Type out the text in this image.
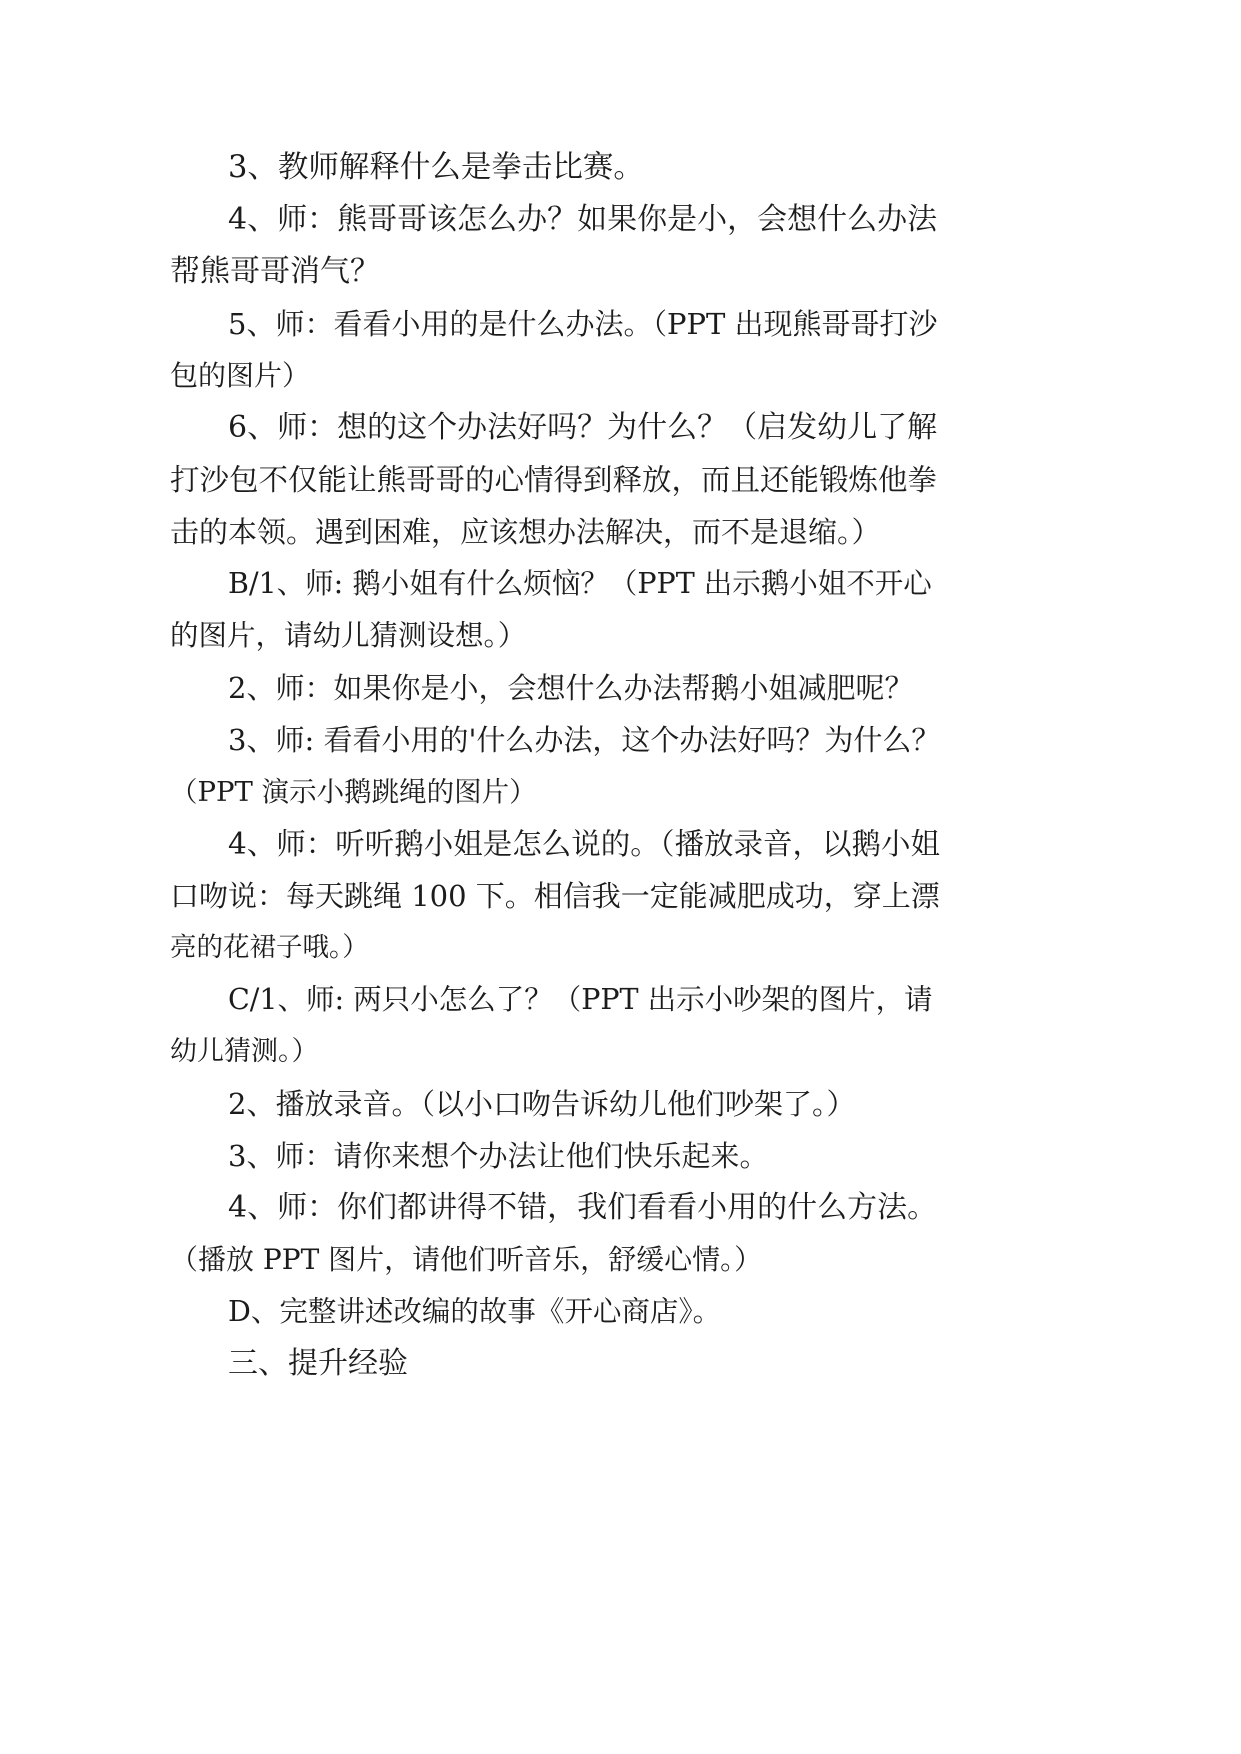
3、教师解释什么是拳击比赛。
4、师：熊哥哥该怎么办？如果你是小，会想什么办法
帮熊哥哥消气？
5、师：看看小用的是什么办法。（PPT 出现熊哥哥打沙
包的图片）
6、师：想的这个办法好吗？为什么？（启发幼儿了解
打沙包不仅能让熊哥哥的心情得到释放，而且还能锻炼他拳
击的本领。遇到困难，应该想办法解决，而不是退缩。）
B/1、师: 鹅小姐有什么烦恼？（PPT 出示鹅小姐不开心
的图片，请幼儿猜测设想。）
2、师：如果你是小，会想什么办法帮鹅小姐减肥呢？
3、师: 看看小用的'什么办法，这个办法好吗？为什么？
（PPT 演示小鹅跳绳的图片）
4、师：听听鹅小姐是怎么说的。（播放录音，以鹅小姐
口吻说：每天跳绳 100 下。相信我一定能减肥成功，穿上漂
亮的花裙子哦。）
C/1、师: 两只小怎么了？（PPT 出示小吵架的图片，请
幼儿猜测。）
2、播放录音。（以小口吻告诉幼儿他们吵架了。）
3、师：请你来想个办法让他们快乐起来。
4、师：你们都讲得不错，我们看看小用的什么方法。
（播放 PPT 图片，请他们听音乐，舒缓心情。）
D、完整讲述改编的故事《开心商店》。
三、提升经验
